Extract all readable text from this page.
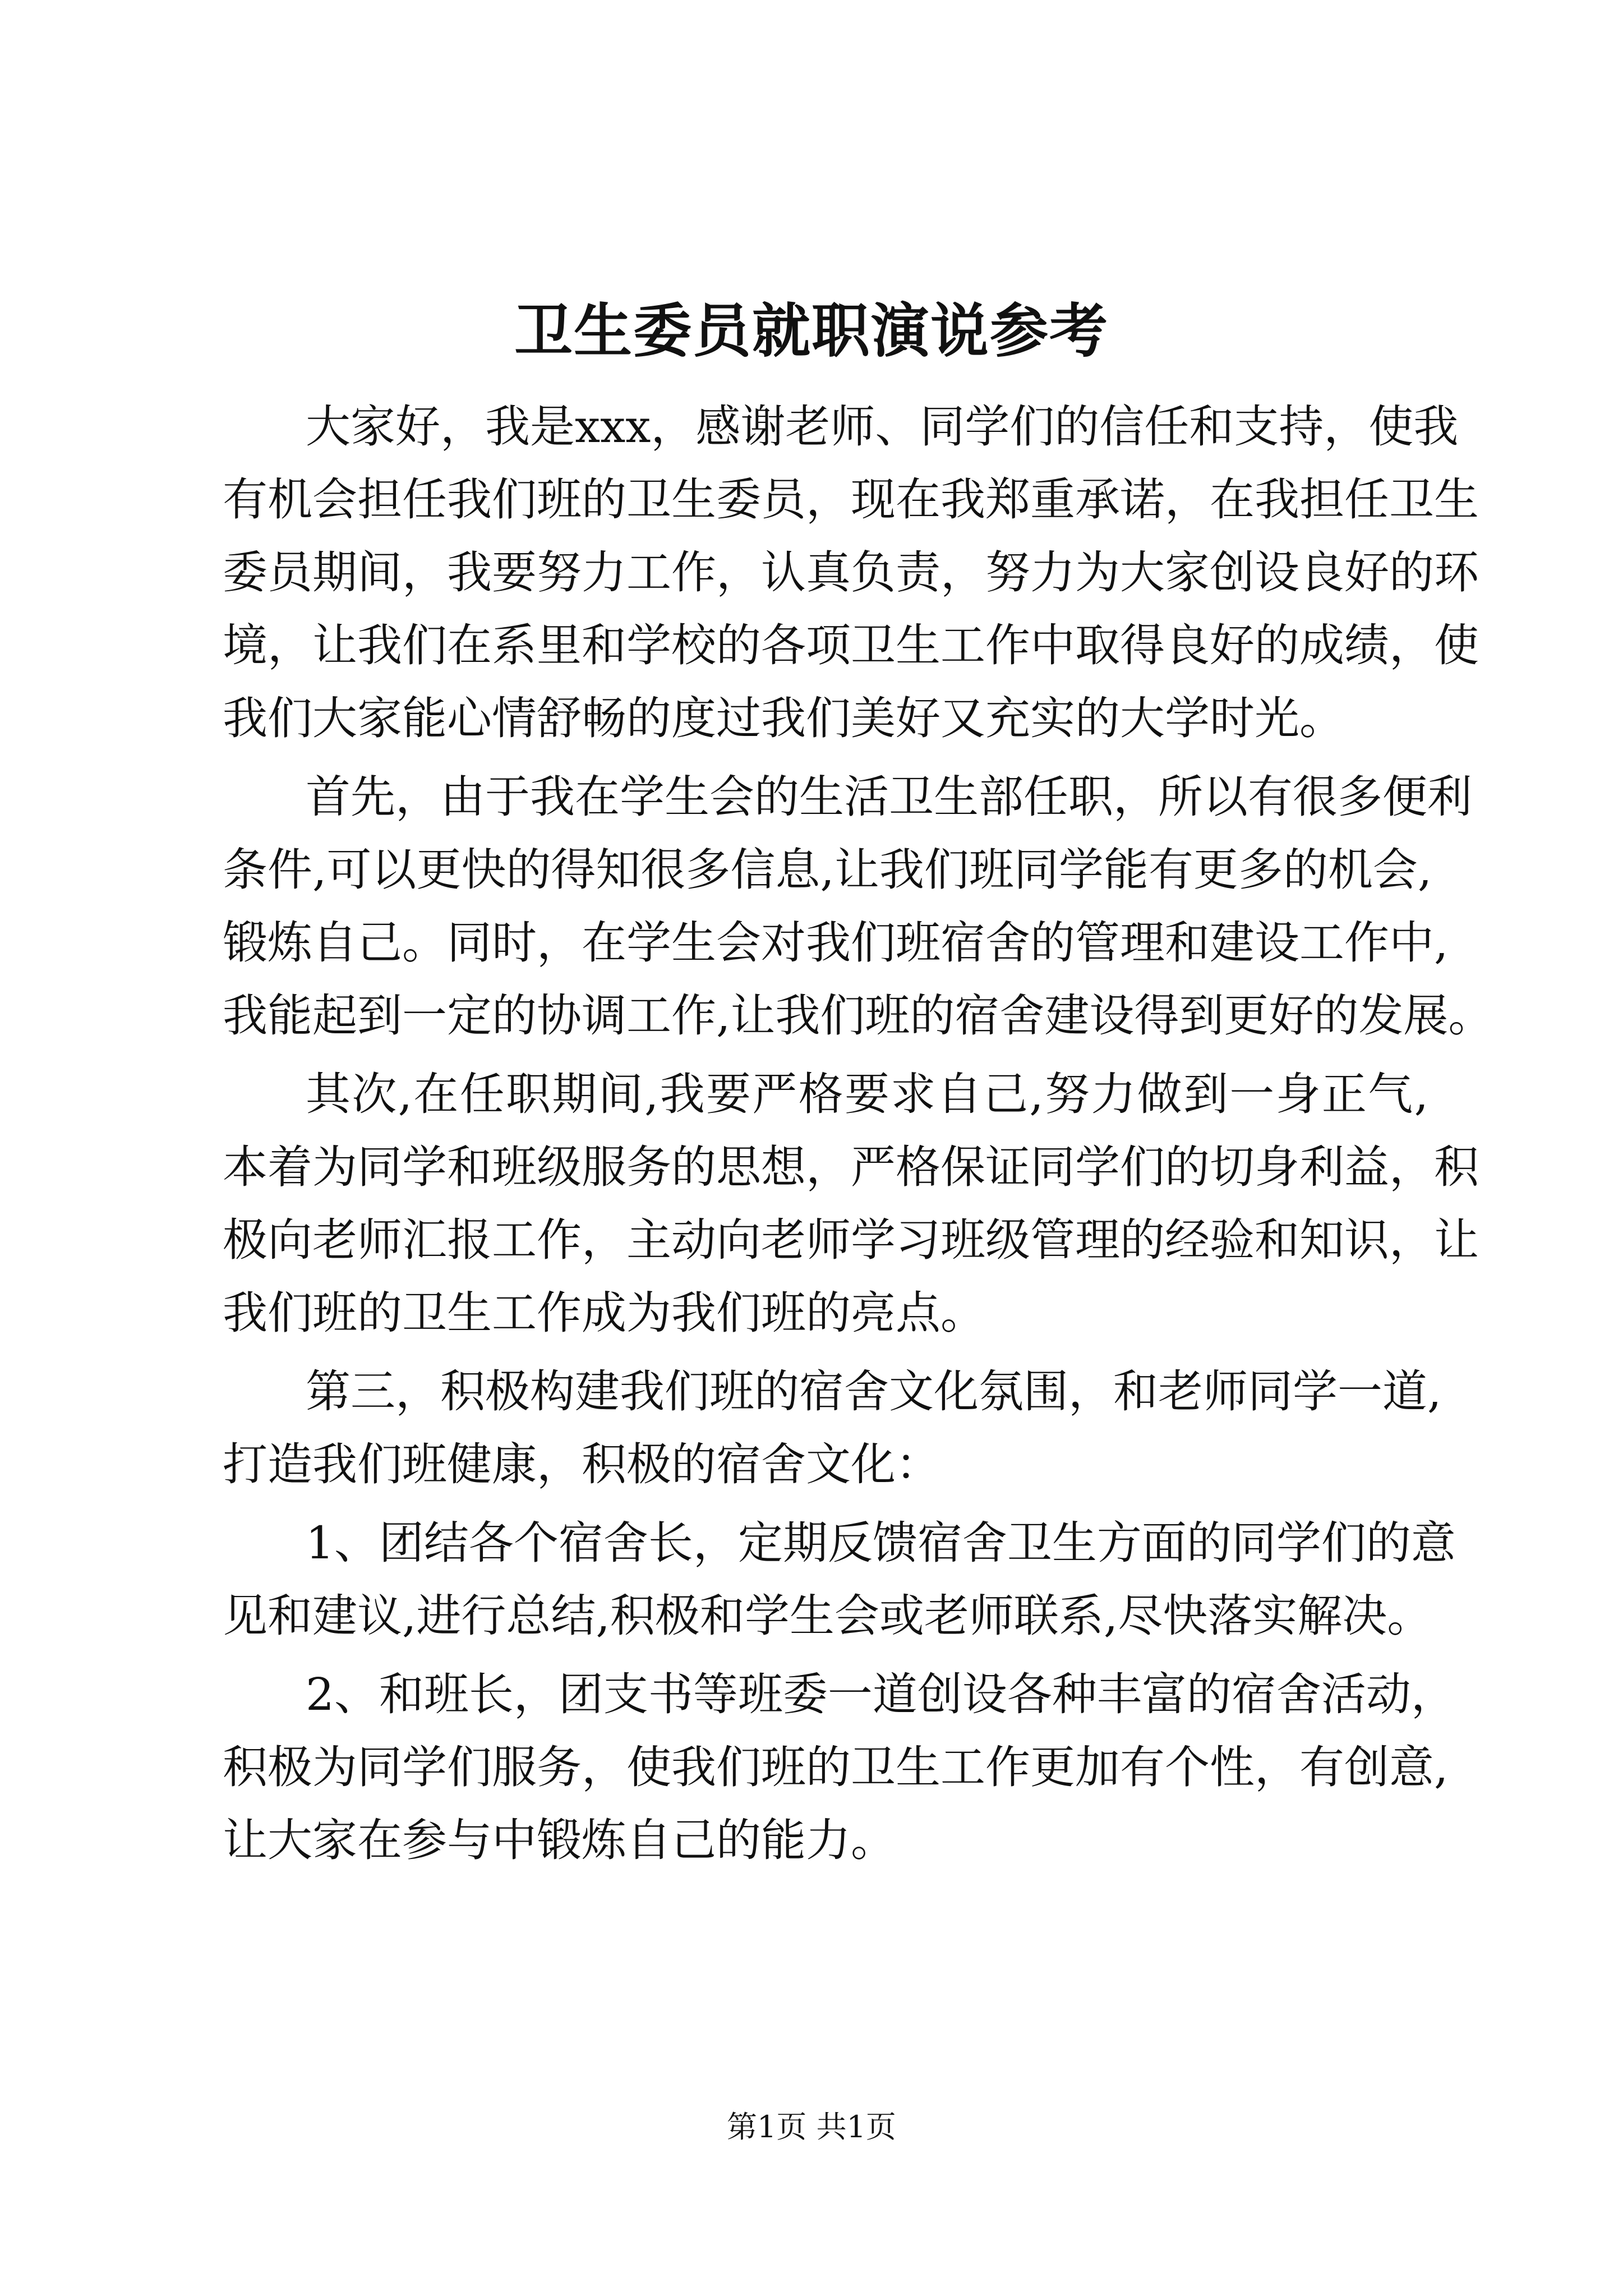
卫生委员就职演说参考
大家好，我是xxx，感谢老师、同学们的信任和支持，使我
有机会担任我们班的卫生委员，现在我郑重承诺，在我担任卫生
委员期间，我要努力工作，认真负责，努力为大家创设良好的环
境，让我们在系里和学校的各项卫生工作中取得良好的成绩，使
我们大家能心情舒畅的度过我们美好又充实的大学时光。
首先，由于我在学生会的生活卫生部任职，所以有很多便利
条件,可以更快的得知很多信息,让我们班同学能有更多的机会,
锻炼自己。同时，在学生会对我们班宿舍的管理和建设工作中,
我能起到一定的协调工作,让我们班的宿舍建设得到更好的发展。
其次,在任职期间,我要严格要求自己,努力做到一身正气,
本着为同学和班级服务的思想，严格保证同学们的切身利益，积
极向老师汇报工作，主动向老师学习班级管理的经验和知识，让
我们班的卫生工作成为我们班的亮点。
第三，积极构建我们班的宿舍文化氛围，和老师同学一道,
打造我们班健康，积极的宿舍文化：
1、团结各个宿舍长，定期反馈宿舍卫生方面的同学们的意
见和建议,进行总结,积极和学生会或老师联系,尽快落实解决。
2、和班长，团支书等班委一道创设各种丰富的宿舍活动，
积极为同学们服务，使我们班的卫生工作更加有个性，有创意,
让大家在参与中锻炼自己的能力。
第1页 共1页
